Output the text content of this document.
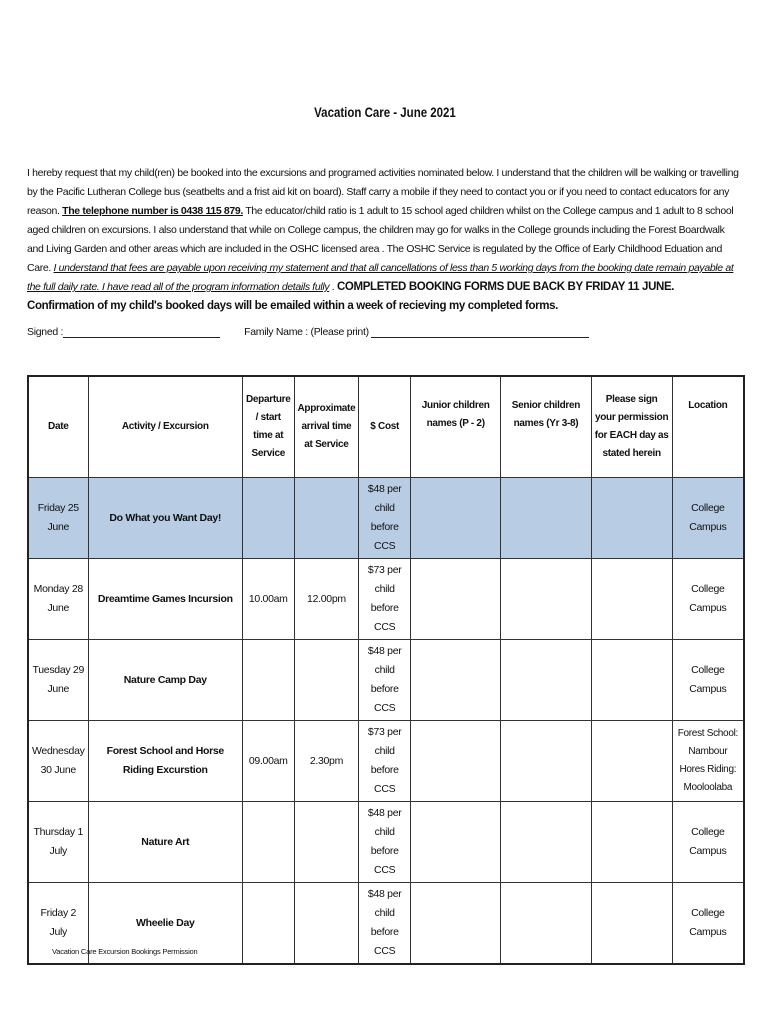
Vacation Care - June 2021

I hereby request that my child(ren) be booked into the excursions and programed activities nominated below. I understand that the children will be walking or travelling by the Pacific Lutheran College bus (seatbelts and a frist aid kit on board). Staff carry a mobile if they need to contact you or if you need to contact educators for any reason. The telephone number is 0438 115 879. The educator/child ratio is 1 adult to 15 school aged children whilst on the College campus and 1 adult to 8 school aged children on excursions. I also understand that while on College campus, the children may go for walks in the College grounds including the Forest Boardwalk and Living Garden and other areas which are included in the OSHC licensed area . The OSHC Service is regulated by the Office of Early Childhood Eduation and Care. I understand that fees are payable upon receiving my statement and that all cancellations of less than 5 working days from the booking date remain payable at the full daily rate. I have read all of the program information details fully . COMPLETED BOOKING FORMS DUE BACK BY FRIDAY 11 JUNE.

Confirmation of my child's booked days will be emailed within a week of recieving my completed forms.

Signed :	Family Name : (Please print)
Date	Activity / Excursion	Departure / start time at Service	Approximate arrival time at Service	$ Cost	Junior children names (P - 2)	Senior children names (Yr 3-8)	Please sign your permission for EACH day as stated herein	Location
Friday 25 June	Do What you Want Day!			$48 per child before CCS				College Campus
Monday 28 June	Dreamtime Games Incursion	10.00am	12.00pm	$73 per child before CCS				College Campus
Tuesday 29 June	Nature Camp Day			$48 per child before CCS				College Campus
Wednesday 30 June	Forest School and Horse Riding Excurstion	09.00am	2.30pm	$73 per child before CCS				Forest School: Nambour Hores Riding: Mooloolaba
Thursday 1 July	Nature Art			$48 per child before CCS				College Campus
Friday 2 July	Wheelie Day			$48 per child before CCS				College Campus
Vacation Care Excursion Bookings Permission
